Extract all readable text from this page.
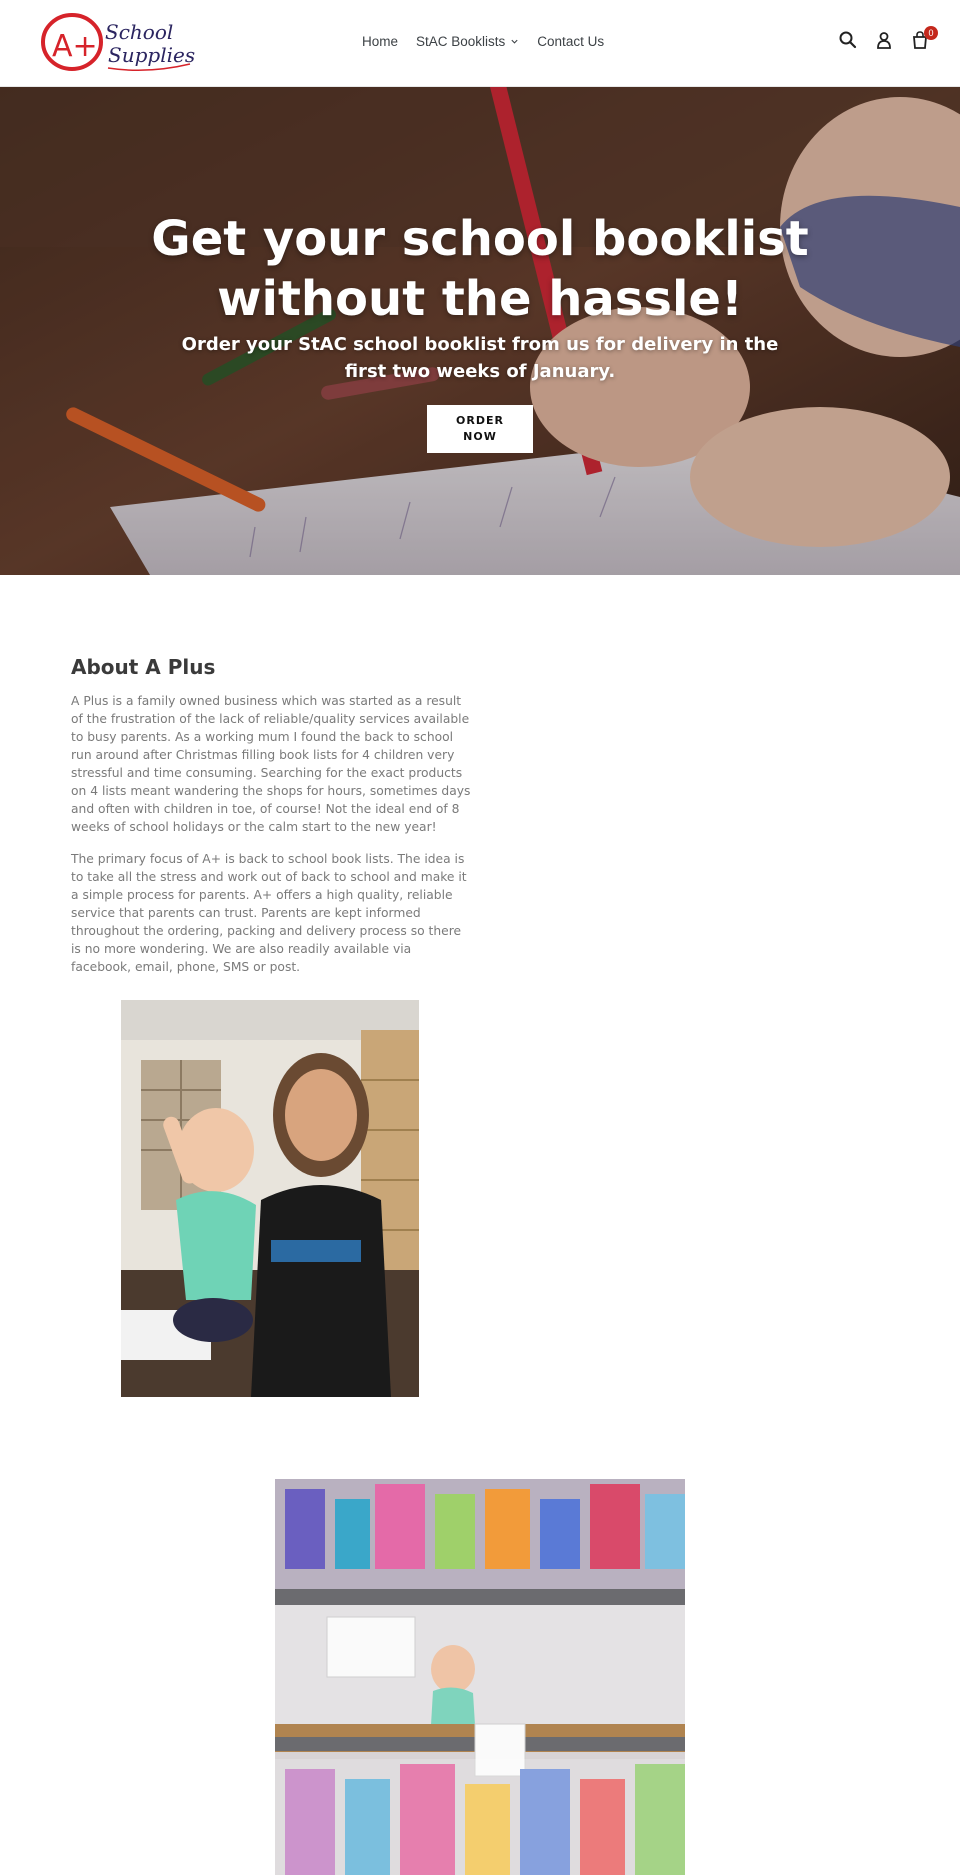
A+ School
Supplies
Home StAC Booklists Contact Us
0
Get your school booklist without the hassle!

Order your StAC school booklist from us for delivery in the first two weeks of January.

ORDER NOW
About A Plus

A Plus is a family owned business which was started as a result of the frustration of the lack of reliable/quality services available to busy parents. As a working mum I found the back to school run around after Christmas filling book lists for 4 children very stressful and time consuming. Searching for the exact products on 4 lists meant wandering the shops for hours, sometimes days and often with children in toe, of course! Not the ideal end of 8 weeks of school holidays or the calm start to the new year!

The primary focus of A+ is back to school book lists. The idea is to take all the stress and work out of back to school and make it a simple process for parents. A+ offers a high quality, reliable service that parents can trust. Parents are kept informed throughout the ordering, packing and delivery process so there is no more wondering. We are also readily available via facebook, email, phone, SMS or post.
